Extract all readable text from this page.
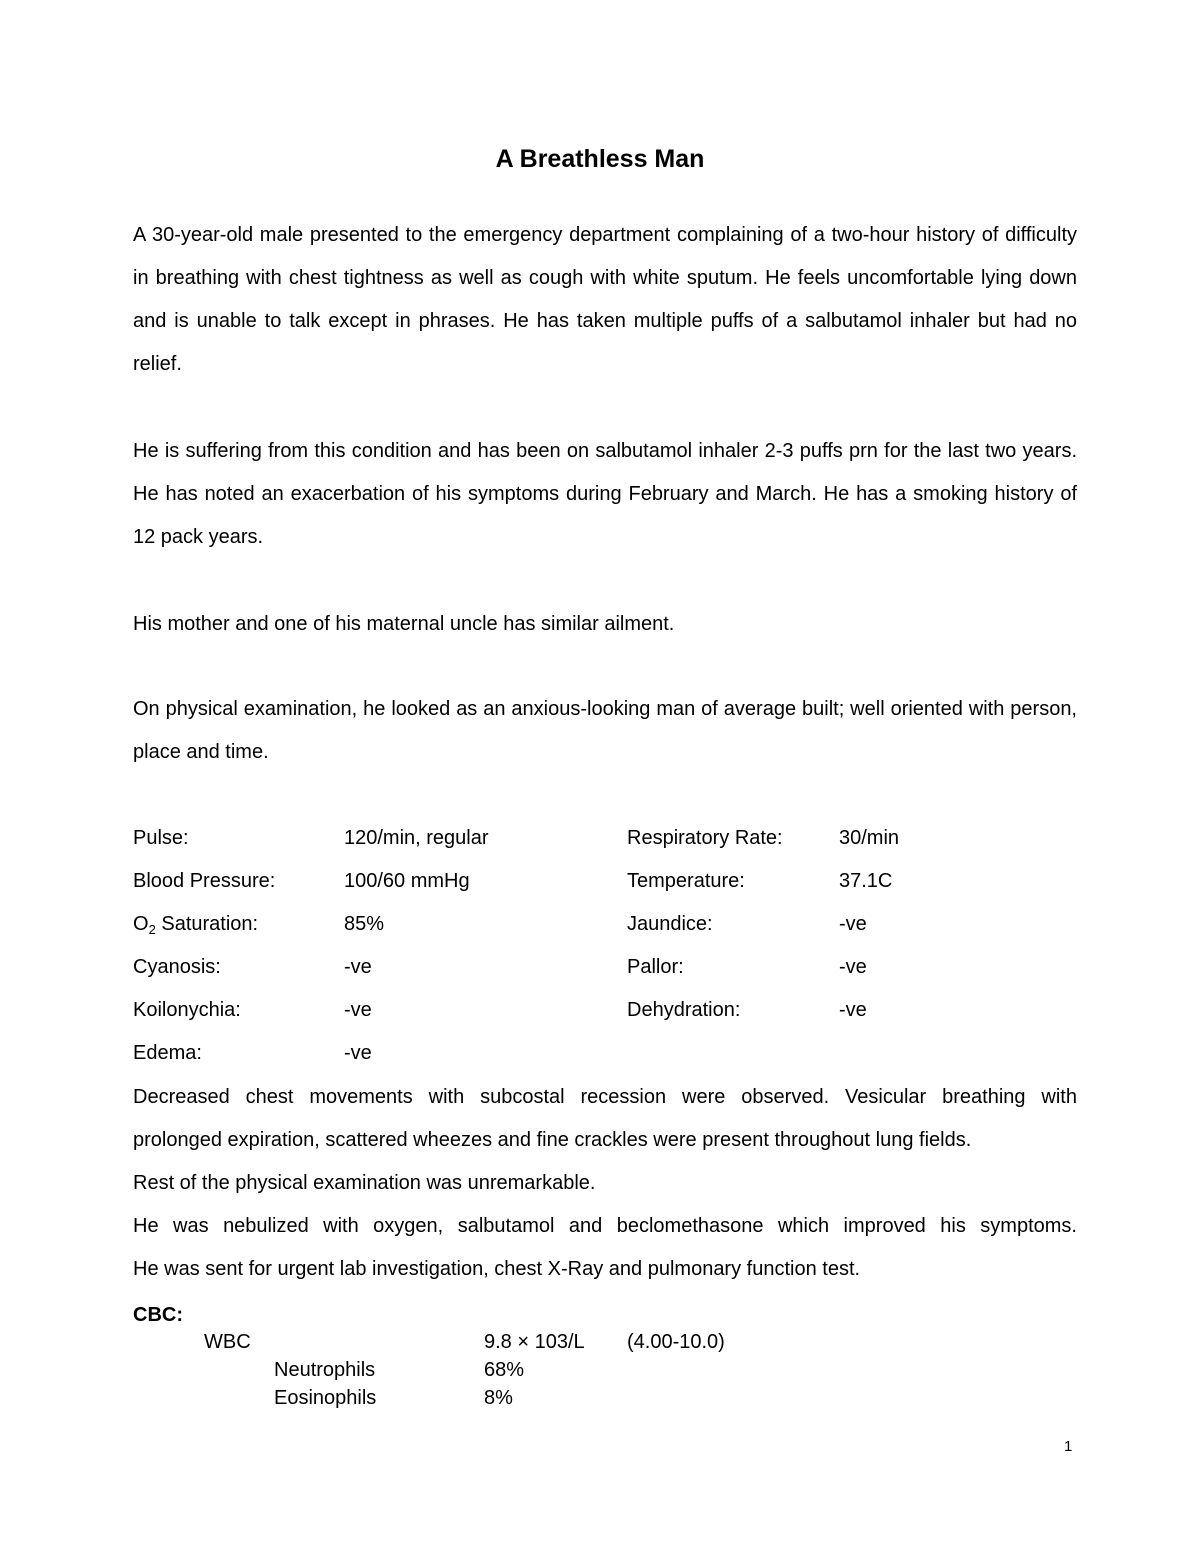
A Breathless Man

A 30-year-old male presented to the emergency department complaining of a two-hour history of difficulty in breathing with chest tightness as well as cough with white sputum. He feels uncomfortable lying down and is unable to talk except in phrases. He has taken multiple puffs of a salbutamol inhaler but had no relief.

He is suffering from this condition and has been on salbutamol inhaler 2-3 puffs prn for the last two years. He has noted an exacerbation of his symptoms during February and March. He has a smoking history of 12 pack years.

His mother and one of his maternal uncle has similar ailment.

On physical examination, he looked as an anxious-looking man of average built; well oriented with person, place and time.

Pulse:	120/min, regular	Respiratory Rate:	30/min
Blood Pressure:	100/60 mmHg	Temperature:	37.1C
$O_2$ Saturation:	85%	Jaundice:	-ve
Cyanosis:	-ve	Pallor:	-ve
Koilonychia:	-ve	Dehydration:	-ve
Edema:	-ve

Decreased chest movements with subcostal recession were observed. Vesicular breathing with

prolonged expiration, scattered wheezes and fine crackles were present throughout lung fields.

Rest of the physical examination was unremarkable.

He was nebulized with oxygen, salbutamol and beclomethasone which improved his symptoms.

He was sent for urgent lab investigation, chest X-Ray and pulmonary function test.

CBC:
WBC	9.8 × 103/L (4.00-10.0)
Neutrophils	68%
Eosinophils	8%
1
